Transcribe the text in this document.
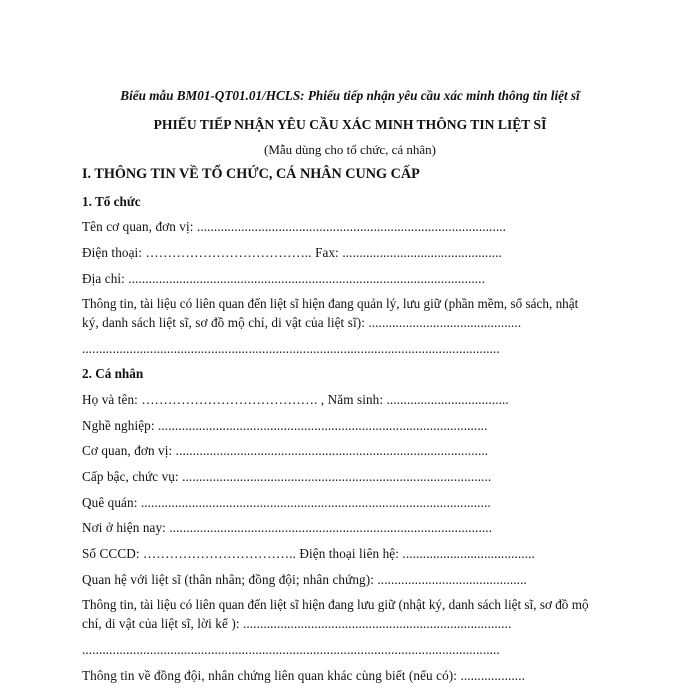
Biểu mẫu BM01-QT01.01/HCLS: Phiếu tiếp nhận yêu cầu xác minh thông tin liệt sĩ
PHIẾU TIẾP NHẬN YÊU CẦU XÁC MINH THÔNG TIN LIỆT SĨ
(Mẫu dùng cho tổ chức, cá nhân)
I. THÔNG TIN VỀ TỔ CHỨC, CÁ NHÂN CUNG CẤP
1. Tổ chức
Tên cơ quan, đơn vị: ...........................................................................................
Điện thoại: ……………………………….. Fax: ...............................................
Địa chỉ: .........................................................................................................
Thông tin, tài liệu có liên quan đến liệt sĩ hiện đang quản lý, lưu giữ (phần mềm, sổ sách, nhật
ký, danh sách liệt sĩ, sơ đồ mộ chí, di vật của liệt sĩ): .............................................
...........................................................................................................................
2. Cá nhân
Họ và tên: …………………………………. , Năm sinh: ....................................
Nghề nghiệp: .................................................................................................
Cơ quan, đơn vị: ............................................................................................
Cấp bậc, chức vụ: ...........................................................................................
Quê quán: .......................................................................................................
Nơi ở hiện nay: ...............................................................................................
Số CCCD: …………………………….. Điện thoại liên hệ: .......................................
Quan hệ với liệt sĩ (thân nhân; đồng đội; nhân chứng): ............................................
Thông tin, tài liệu có liên quan đến liệt sĩ hiện đang lưu giữ (nhật ký, danh sách liệt sĩ, sơ đồ mộ
chí, di vật của liệt sĩ, lời kể ): ...............................................................................
...........................................................................................................................
Thông tin về đồng đội, nhân chứng liên quan khác cùng biết (nếu có): ...................
